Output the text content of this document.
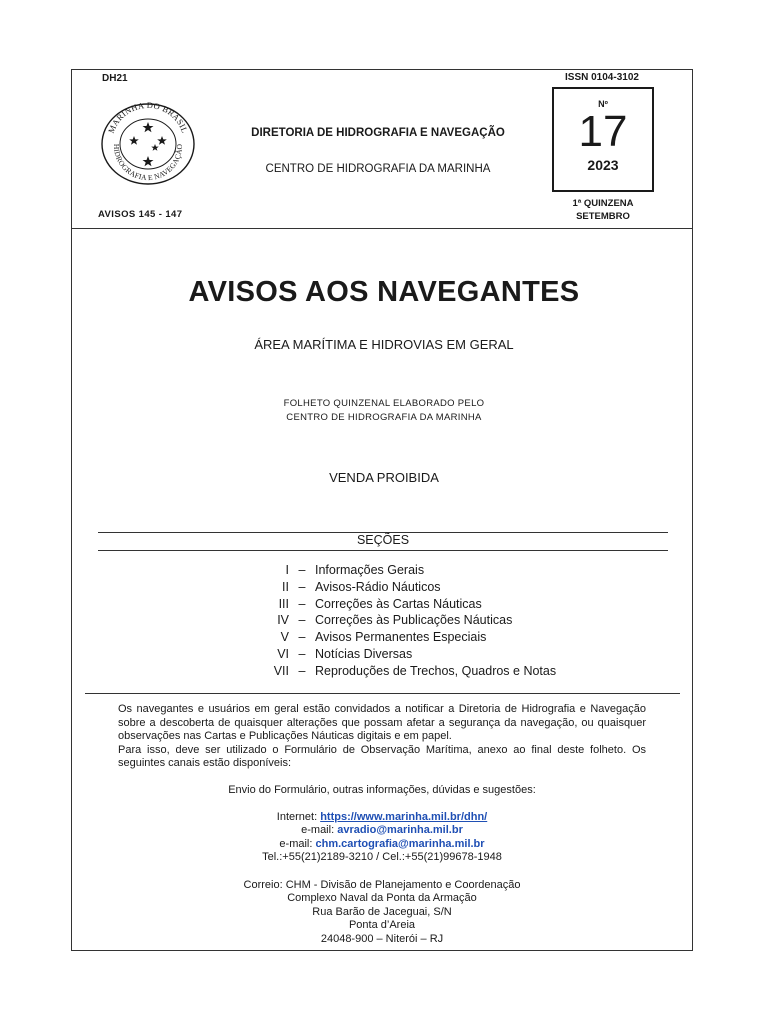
DH21	ISSN 0104-3102
MARINHA DO BRASIL
HIDROGRAFIA E NAVEGAÇÃO
DIRETORIA DE HIDROGRAFIA E NAVEGAÇÃO
CENTRO DE HIDROGRAFIA DA MARINHA
Nº
17
2023
1ª QUINZENA
SETEMBRO
AVISOS 145 - 147
AVISOS AOS NAVEGANTES
ÁREA MARÍTIMA E HIDROVIAS EM GERAL
FOLHETO QUINZENAL ELABORADO PELO
CENTRO DE HIDROGRAFIA DA MARINHA
VENDA PROIBIDA
SEÇÕES
I – Informações Gerais
II – Avisos-Rádio Náuticos
III – Correções às Cartas Náuticas
IV – Correções às Publicações Náuticas
V – Avisos Permanentes Especiais
VI – Notícias Diversas
VII – Reproduções de Trechos, Quadros e Notas

Os navegantes e usuários em geral estão convidados a notificar a Diretoria de Hidrografia e Navegação sobre a descoberta de quaisquer alterações que possam afetar a segurança da navegação, ou quaisquer observações nas Cartas e Publicações Náuticas digitais e em papel.

Para isso, deve ser utilizado o Formulário de Observação Marítima, anexo ao final deste folheto. Os seguintes canais estão disponíveis:

Envio do Formulário, outras informações, dúvidas e sugestões:
Internet: https://www.marinha.mil.br/dhn/
e-mail: avradio@marinha.mil.br
e-mail: chm.cartografia@marinha.mil.br
Tel.:+55(21)2189-3210 / Cel.:+55(21)99678-1948
Correio: CHM - Divisão de Planejamento e Coordenação
Complexo Naval da Ponta da Armação
Rua Barão de Jaceguai, S/N
Ponta d’Areia
24048-900 – Niterói – RJ
